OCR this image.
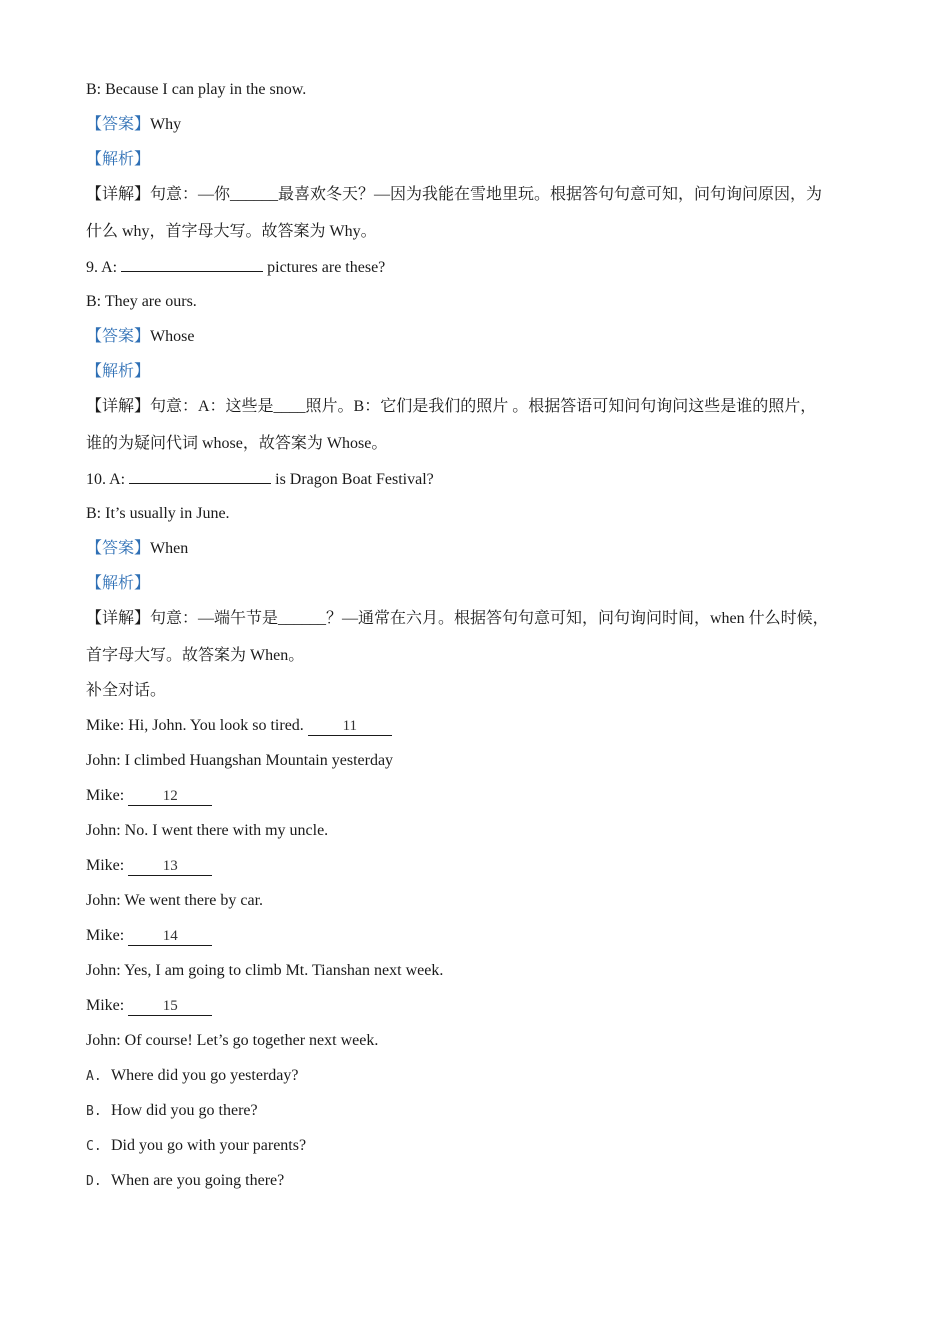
B: Because I can play in the snow.
【答案】Why
【解析】
【详解】句意：—你______最喜欢冬天？—因为我能在雪地里玩。根据答句句意可知，问句询问原因，为
什么 why，首字母大写。故答案为 Why。
9. A:	pictures are these?
B: They are ours.
【答案】Whose
【解析】
【详解】句意：A：这些是____照片。B：它们是我们的照片 。根据答语可知问句询问这些是谁的照片，
谁的为疑问代词 whose，故答案为 Whose。
10. A:	is Dragon Boat Festival?
B: It’s usually in June.
【答案】When
【解析】
【详解】句意：—端午节是______？—通常在六月。根据答句句意可知，问句询问时间，when 什么时候，
首字母大写。故答案为 When。
补全对话。
Mike: Hi, John. You look so tired. 11
John: I climbed Huangshan Mountain yesterday
Mike: 12
John: No. I went there with my uncle.
Mike: 13
John: We went there by car.
Mike: 14
John: Yes, I am going to climb Mt. Tianshan next week.
Mike: 15
John: Of course! Let’s go together next week.
A. Where did you go yesterday?
B. How did you go there?
C. Did you go with your parents?
D. When are you going there?
